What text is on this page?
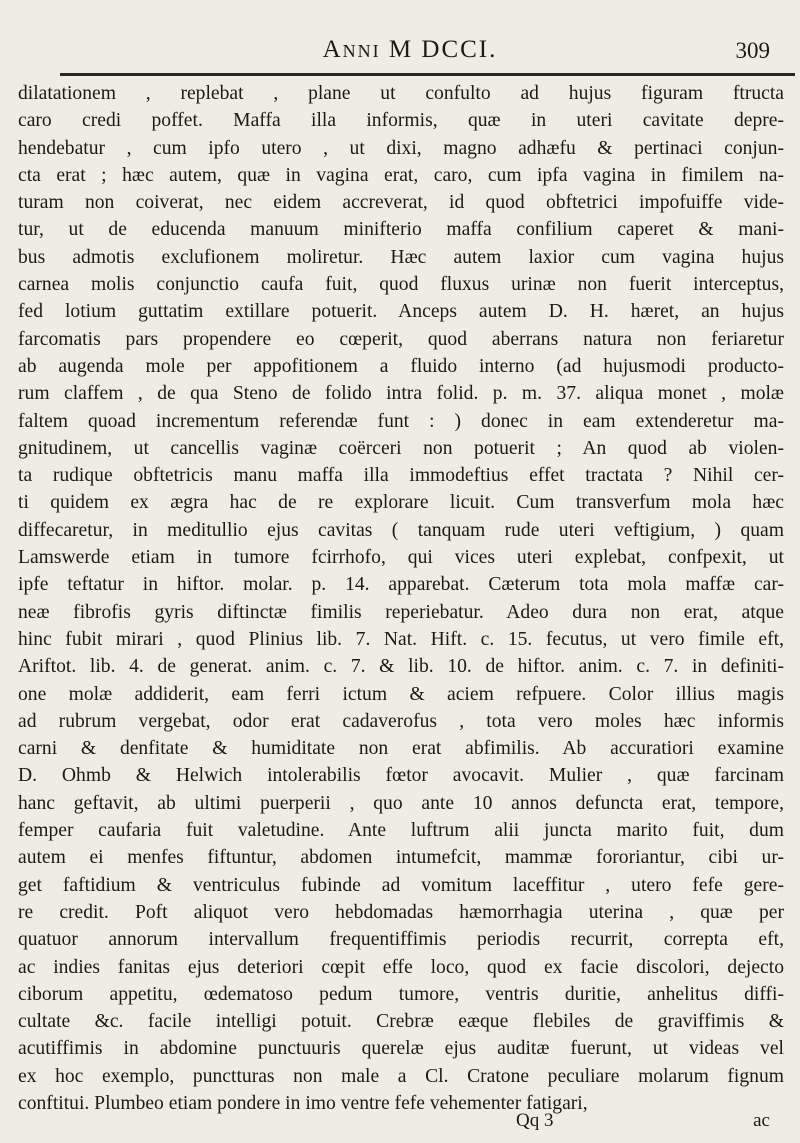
Anni M DCCI.	309
dilatationem , replebat , plane ut confulto ad hujus figuram ftructa
caro credi poffet. Maffa illa informis, quæ in uteri cavitate depre-
hendebatur , cum ipfo utero , ut dixi, magno adhæfu & pertinaci conjun-
cta erat ; hæc autem, quæ in vagina erat, caro, cum ipfa vagina in fimilem na-
turam non coiverat, nec eidem accreverat, id quod obftetrici impofuiffe vide-
tur, ut de educenda manuum minifterio maffa confilium caperet & mani-
bus admotis exclufionem moliretur. Hæc autem laxior cum vagina hujus
carnea molis conjunctio caufa fuit, quod fluxus urinæ non fuerit interceptus,
fed lotium guttatim extillare potuerit. Anceps autem D. H. hæret, an hujus
farcomatis pars propendere eo cœperit, quod aberrans natura non feriaretur
ab augenda mole per appofitionem a fluido interno (ad hujusmodi producto-
rum claffem , de qua Steno de folido intra folid. p. m. 37. aliqua monet , molæ
faltem quoad incrementum referendæ funt : ) donec in eam extenderetur ma-
gnitudinem, ut cancellis vaginæ coërceri non potuerit ; An quod ab violen-
ta rudique obftetricis manu maffa illa immodeftius effet tractata ? Nihil cer-
ti quidem ex ægra hac de re explorare licuit. Cum transverfum mola hæc
diffecaretur, in meditullio ejus cavitas ( tanquam rude uteri veftigium, ) quam
Lamswerde etiam in tumore fcirrhofo, qui vices uteri explebat, confpexit, ut
ipfe teftatur in hiftor. molar. p. 14. apparebat. Cæterum tota mola maffæ car-
neæ fibrofis gyris diftinctæ fimilis reperiebatur. Adeo dura non erat, atque
hinc fubit mirari , quod Plinius lib. 7. Nat. Hift. c. 15. fecutus, ut vero fimile eft,
Ariftot. lib. 4. de generat. anim. c. 7. & lib. 10. de hiftor. anim. c. 7. in definiti-
one molæ addiderit, eam ferri ictum & aciem refpuere. Color illius magis
ad rubrum vergebat, odor erat cadaverofus , tota vero moles hæc informis
carni & denfitate & humiditate non erat abfimilis. Ab accuratiori examine
D. Ohmb & Helwich intolerabilis fœtor avocavit. Mulier , quæ farcinam
hanc geftavit, ab ultimi puerperii , quo ante 10 annos defuncta erat, tempore,
femper caufaria fuit valetudine. Ante luftrum alii juncta marito fuit, dum
autem ei menfes fiftuntur, abdomen intumefcit, mammæ fororiantur, cibi ur-
get faftidium & ventriculus fubinde ad vomitum laceffitur , utero fefe gere-
re credit. Poft aliquot vero hebdomadas hæmorrhagia uterina , quæ per
quatuor annorum intervallum frequentiffimis periodis recurrit, correpta eft,
ac indies fanitas ejus deteriori cœpit effe loco, quod ex facie discolori, dejecto
ciborum appetitu, œdematoso pedum tumore, ventris duritie, anhelitus diffi-
cultate &c. facile intelligi potuit. Crebræ eæque flebiles de graviffimis &
acutiffimis in abdomine punctuuris querelæ ejus auditæ fuerunt, ut videas vel
ex hoc exemplo, punctturas non male a Cl. Cratone peculiare molarum fignum
conftitui. Plumbeo etiam pondere in imo ventre fefe vehementer fatigari,
Qq 3	ac
